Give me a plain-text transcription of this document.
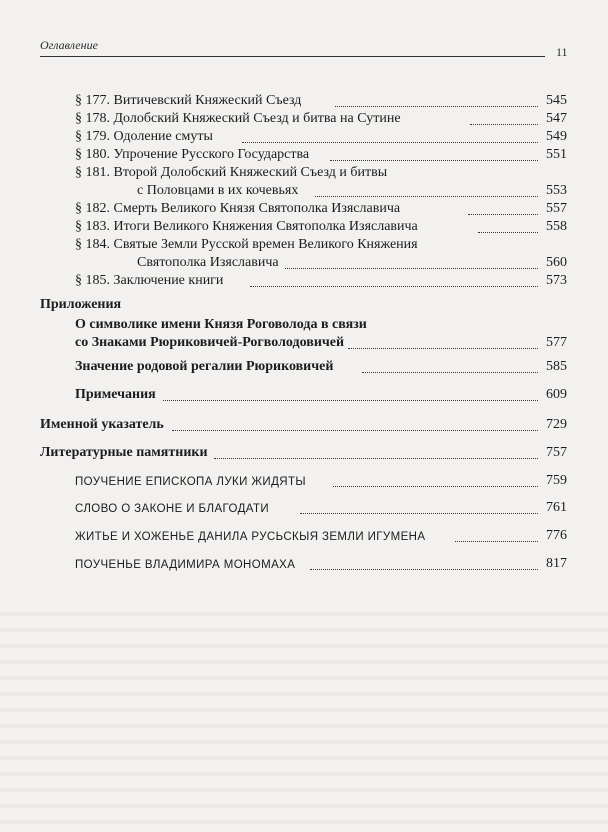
Оглавление	11
§ 177. Витичевский Княжеский Съезд	545
§ 178. Долобский Княжеский Съезд и битва на Сутине	547
§ 179. Одоление смуты	549
§ 180. Упрочение Русского Государства	551
§ 181. Второй Долобский Княжеский Съезд и битвы
с Половцами в их кочевьях	553
§ 182. Смерть Великого Князя Святополка Изяславича	557
§ 183. Итоги Великого Княжения Святополка Изяславича	558
§ 184. Святые Земли Русской времен Великого Княжения
Святополка Изяславича	560
§ 185. Заключение книги	573
Приложения
О символике имени Князя Роговолода в связи
со Знаками Рюриковичей-Рогволодовичей	577
Значение родовой регалии Рюриковичей	585
Примечания	609
Именной указатель	729
Литературные памятники	757
ПОУЧЕНИЕ ЕПИСКОПА ЛУКИ ЖИДЯТЫ	759
СЛОВО О ЗАКОНЕ И БЛАГОДАТИ	761
ЖИТЬЕ И ХОЖЕНЬЕ ДАНИЛА РУСЬСКЫЯ ЗЕМЛИ ИГУМЕНА	776
ПОУЧЕНЬЕ ВЛАДИМИРА МОНОМАХА	817
